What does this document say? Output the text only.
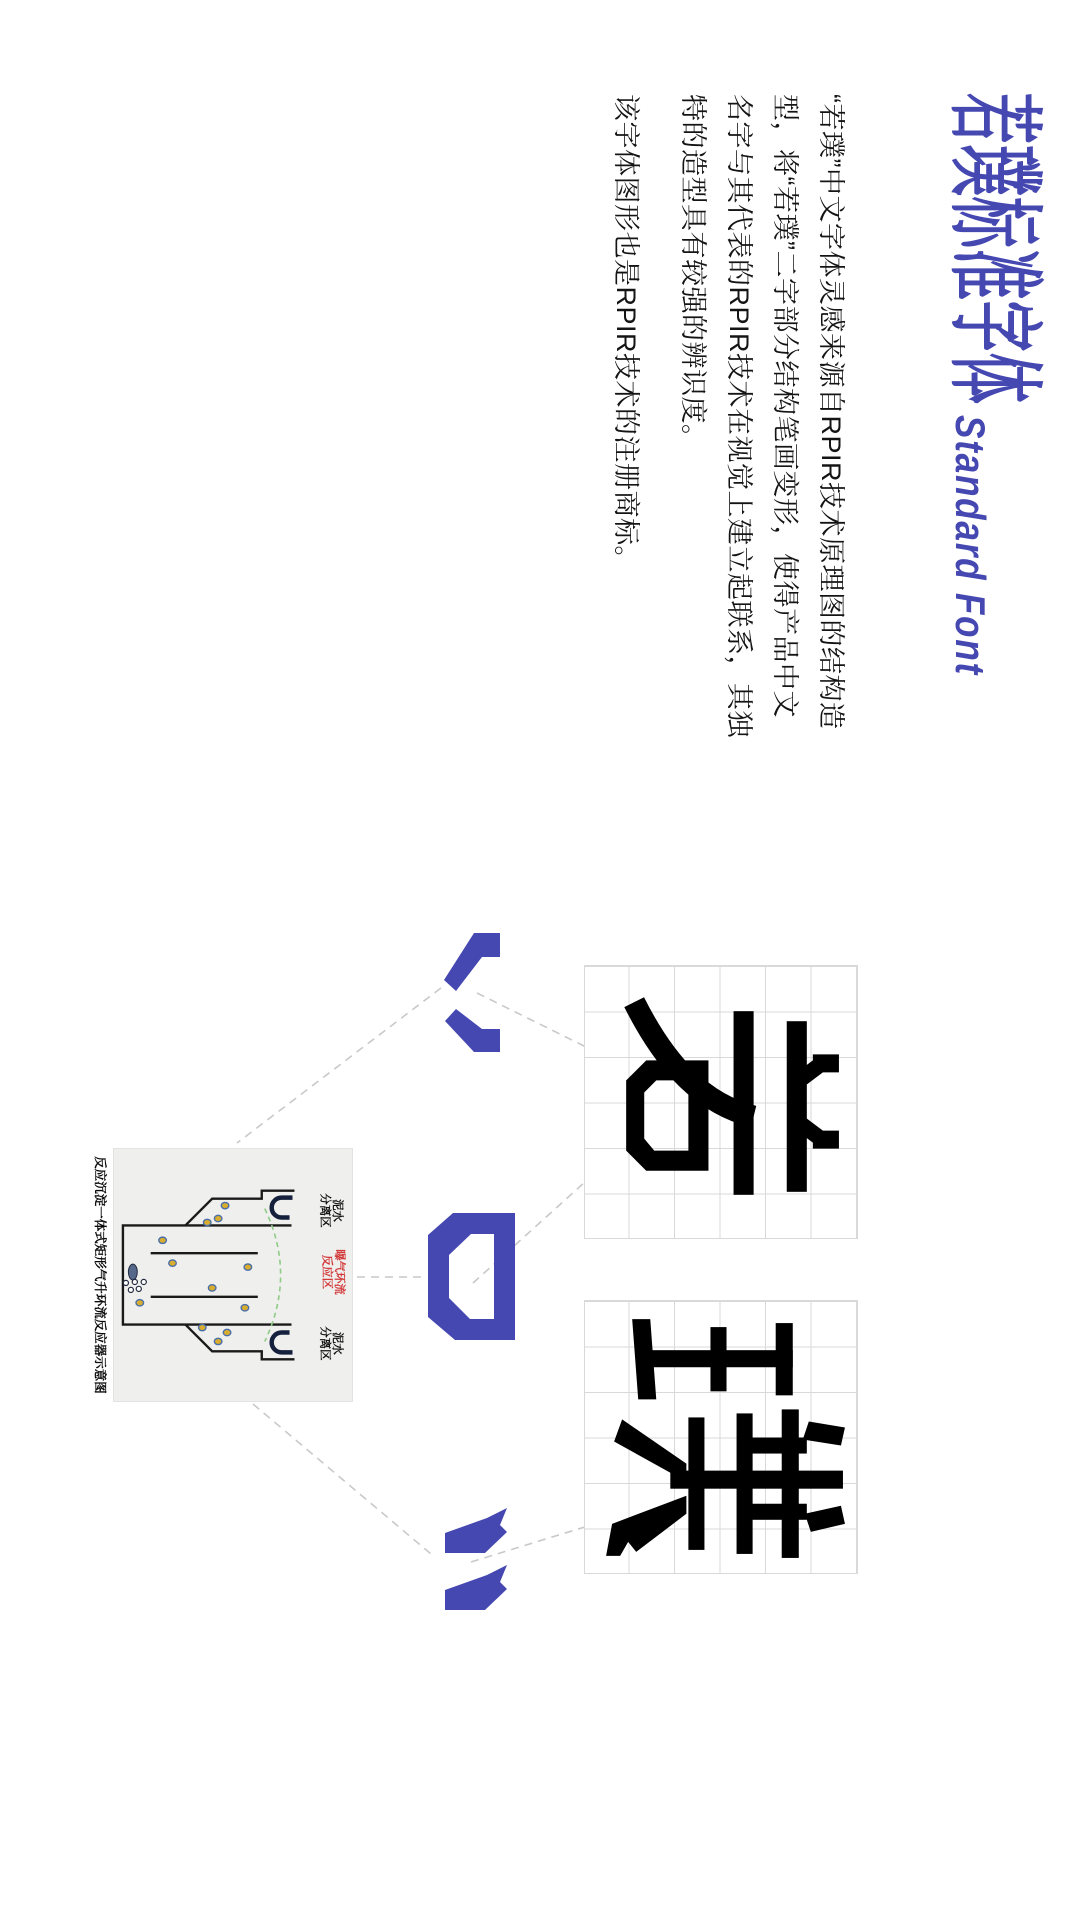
若璞标准字体
Standard Font
“若璞”中文字体灵感来源自RPIR技术原理图的结构造
型，将“若璞”二字部分结构笔画变形，使得产品中文
名字与其代表的RPIR技术在视觉上建立起联系，其独
特的造型具有较强的辨识度。
该字体图形也是RPIR技术的注册商标。
泥水
分离区
曝气环流
反应区
泥水
分离区
反应沉淀一体式矩形气升环流反应器示意图
